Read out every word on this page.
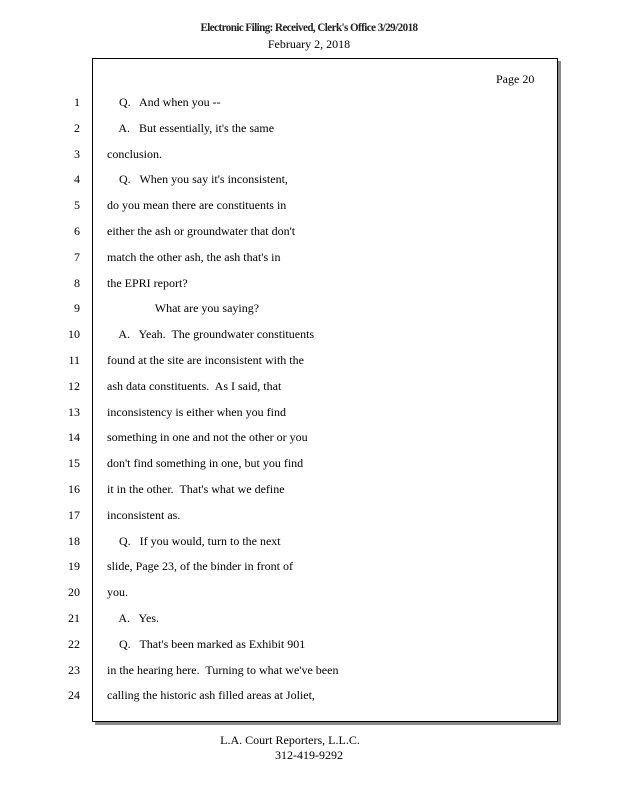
Electronic Filing: Received, Clerk's Office 3/29/2018
February 2, 2018
Page 20
1 Q.   And when you --
2 A.   But essentially, it's the same
3 conclusion.
4 Q.   When you say it's inconsistent,
5 do you mean there are constituents in
6 either the ash or groundwater that don't
7 match the other ash, the ash that's in
8 the EPRI report?
9 What are you saying?
10 A.   Yeah.  The groundwater constituents
11 found at the site are inconsistent with the
12 ash data constituents.  As I said, that
13 inconsistency is either when you find
14 something in one and not the other or you
15 don't find something in one, but you find
16 it in the other.  That's what we define
17 inconsistent as.
18 Q.   If you would, turn to the next
19 slide, Page 23, of the binder in front of
20 you.
21 A.   Yes.
22 Q.   That's been marked as Exhibit 901
23 in the hearing here.  Turning to what we've been
24 calling the historic ash filled areas at Joliet,
L.A. Court Reporters, L.L.C.
312-419-9292
